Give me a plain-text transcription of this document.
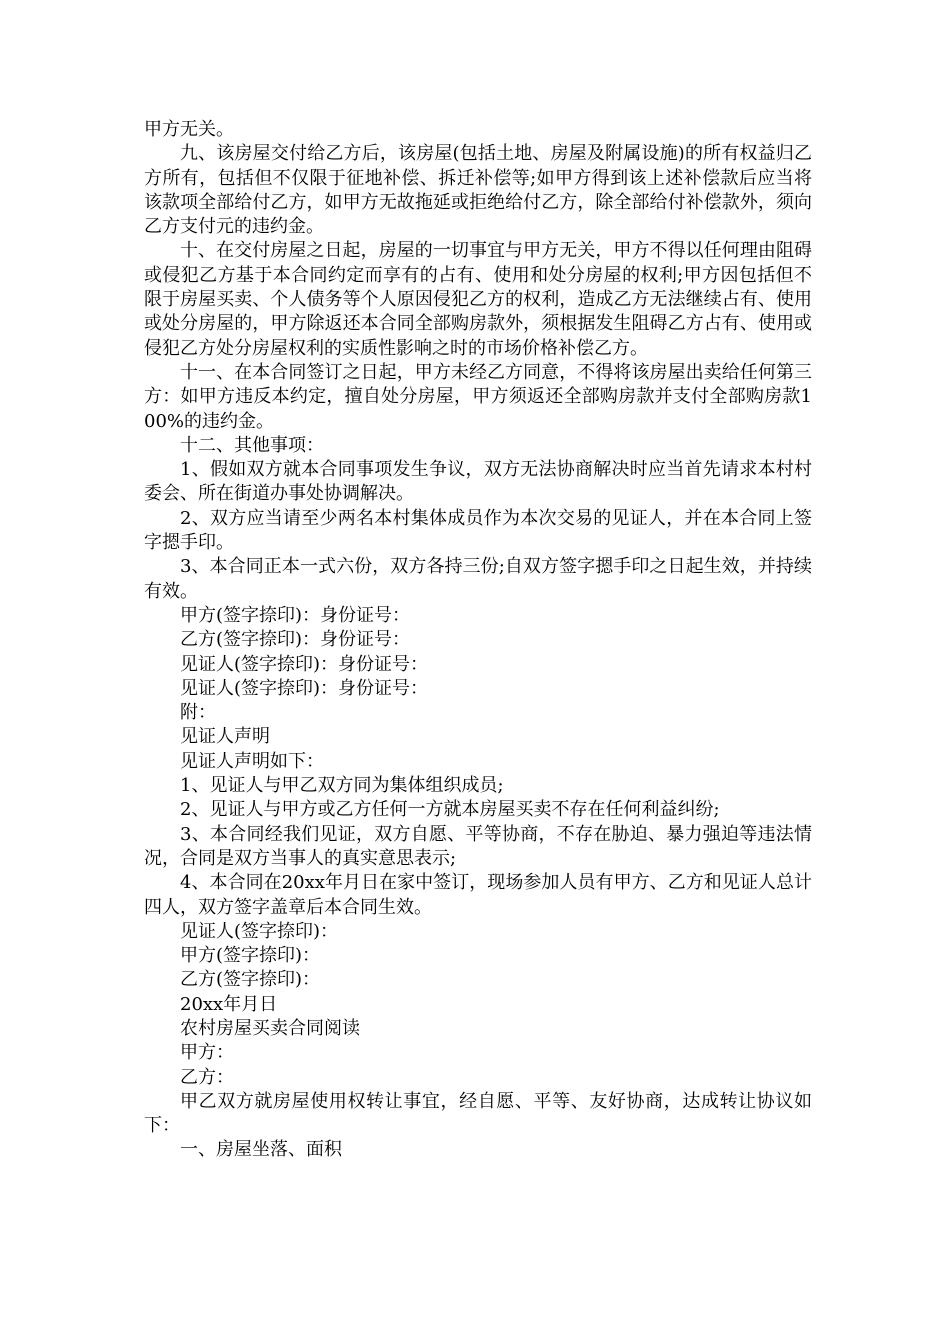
甲方无关。

九、该房屋交付给乙方后，该房屋(包括土地、房屋及附属设施)的所有权益归乙方所有，包括但不仅限于征地补偿、拆迁补偿等;如甲方得到该上述补偿款后应当将该款项全部给付乙方，如甲方无故拖延或拒绝给付乙方，除全部给付补偿款外，须向乙方支付元的违约金。

十、在交付房屋之日起，房屋的一切事宜与甲方无关，甲方不得以任何理由阻碍或侵犯乙方基于本合同约定而享有的占有、使用和处分房屋的权利;甲方因包括但不限于房屋买卖、个人债务等个人原因侵犯乙方的权利，造成乙方无法继续占有、使用或处分房屋的，甲方除返还本合同全部购房款外，须根据发生阻碍乙方占有、使用或侵犯乙方处分房屋权利的实质性影响之时的市场价格补偿乙方。

十一、在本合同签订之日起，甲方未经乙方同意，不得将该房屋出卖给任何第三方：如甲方违反本约定，擅自处分房屋，甲方须返还全部购房款并支付全部购房款100%的违约金。

十二、其他事项：

1、假如双方就本合同事项发生争议，双方无法协商解决时应当首先请求本村村委会、所在街道办事处协调解决。

2、双方应当请至少两名本村集体成员作为本次交易的见证人，并在本合同上签字摁手印。

3、本合同正本一式六份，双方各持三份;自双方签字摁手印之日起生效，并持续有效。

甲方(签字捺印)：身份证号：

乙方(签字捺印)：身份证号：

见证人(签字捺印)：身份证号：

见证人(签字捺印)：身份证号：

附：

见证人声明

见证人声明如下：

1、见证人与甲乙双方同为集体组织成员;

2、见证人与甲方或乙方任何一方就本房屋买卖不存在任何利益纠纷;

3、本合同经我们见证，双方自愿、平等协商，不存在胁迫、暴力强迫等违法情况，合同是双方当事人的真实意思表示;

4、本合同在20xx年月日在家中签订，现场参加人员有甲方、乙方和见证人总计四人，双方签字盖章后本合同生效。

见证人(签字捺印)：

甲方(签字捺印)：

乙方(签字捺印)：

20xx年月日

农村房屋买卖合同阅读

甲方：

乙方：

甲乙双方就房屋使用权转让事宜，经自愿、平等、友好协商，达成转让协议如下：

一、房屋坐落、面积
